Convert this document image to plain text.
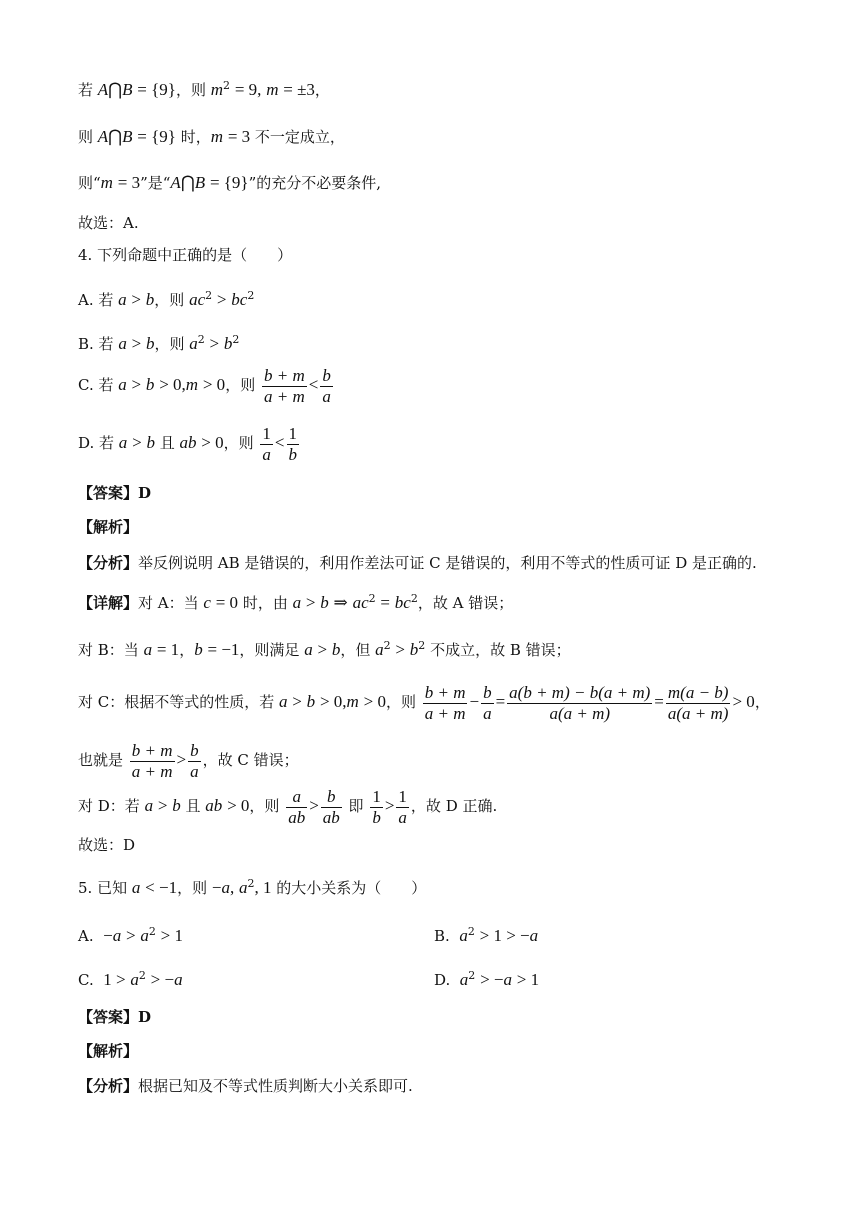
若 A⋂B = {9}，则 $m^2 = 9$, m = ±3，
则 A⋂B = {9} 时，m = 3 不一定成立，
则“m = 3”是“A⋂B = {9}”的充分不必要条件,
故选：A.
4. 下列命题中正确的是（　　）
A. 若 a > b，则 $ac^2 > bc^2$
B. 若 a > b，则 $a^2 > b^2$
C. 若 a > b > 0,m > 0，则 $\frac{b + m}{a + m} < \frac{b}{a}$
D. 若 a > b 且 ab > 0，则 $\frac{1}{a} < \frac{1}{b}$
【答案】D
【解析】
【分析】举反例说明 AB 是错误的，利用作差法可证 C 是错误的，利用不等式的性质可证 D 是正确的.
【详解】对 A：当 c = 0 时，由 a > b ⇒ $ac^2 = bc^2$，故 A 错误；
对 B：当 a = 1，b = −1，则满足 a > b，但 $a^2 > b^2$ 不成立，故 B 错误；
对 C：根据不等式的性质，若 a > b > 0,m > 0，则 $\frac{b + m}{a + m} - \frac{b}{a} = \frac{a(b + m) - b(a + m)}{a(a + m)} = \frac{m(a - b)}{a(a + m)} > 0$，
也就是 $\frac{b + m}{a + m} > \frac{b}{a}$ ，故 C 错误；
对 D：若 a > b 且 ab > 0，则 $\frac{a}{ab} > \frac{b}{ab}$ 即 $\frac{1}{b} > \frac{1}{a}$ ，故 D 正确.
故选：D
5. 已知 a < −1，则 −a, $a^2$, 1 的大小关系为（　　）
A.  $-a > a^2 > 1$	B.  $a^2 > 1 > -a$
C.  $1 > a^2 > -a$	D.  $a^2 > -a > 1$
【答案】D
【解析】
【分析】根据已知及不等式性质判断大小关系即可.
